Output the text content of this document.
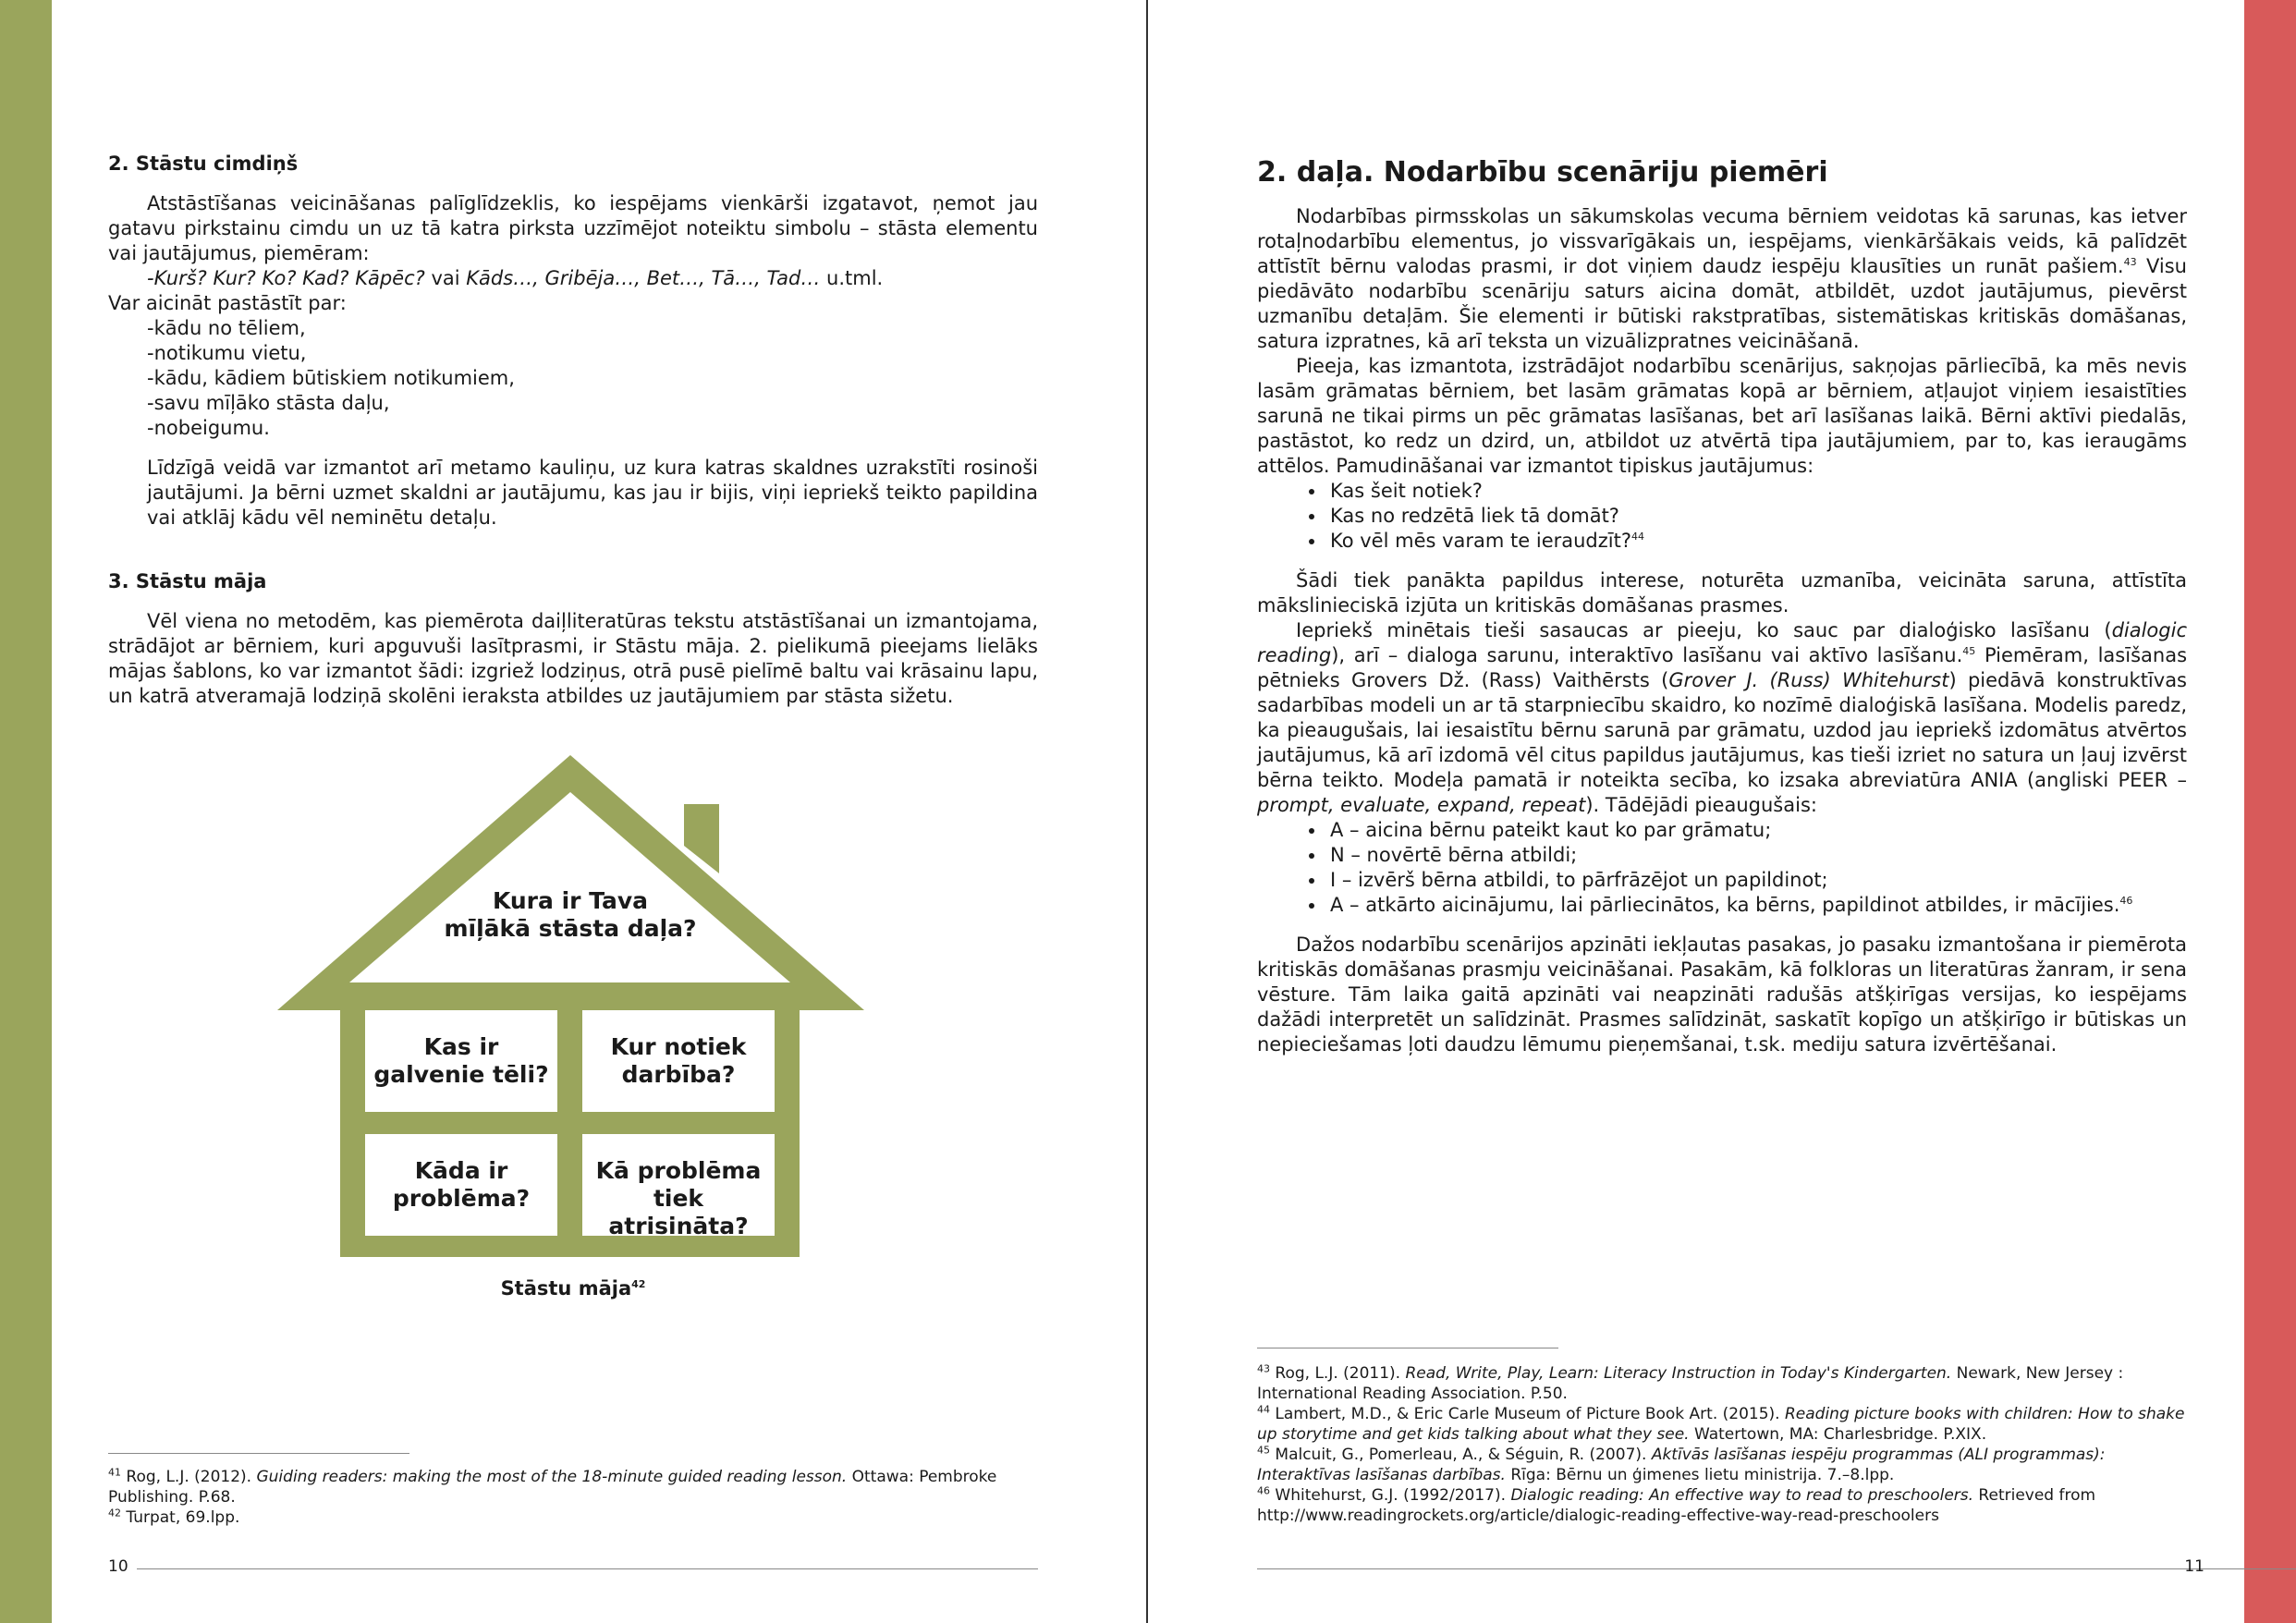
2. Stāstu cimdiņš

Atstāstīšanas veicināšanas palīglīdzeklis, ko iespējams vienkārši izgatavot, ņemot jau gatavu pirkstainu cimdu un uz tā katra pirksta uzzīmējot noteiktu simbolu – stāsta elementu vai jautājumus, piemēram:

-Kurš? Kur? Ko? Kad? Kāpēc? vai Kāds…, Gribēja…, Bet…, Tā…, Tad… u.tml.

Var aicināt pastāstīt par:

-kādu no tēliem,
-notikumu vietu,
-kādu, kādiem būtiskiem notikumiem,
-savu mīļāko stāsta daļu,
-nobeigumu.

Līdzīgā veidā var izmantot arī metamo kauliņu, uz kura katras skaldnes uzrakstīti rosinoši jautājumi. Ja bērni uzmet skaldni ar jautājumu, kas jau ir bijis, viņi iepriekš teikto papildina vai atklāj kādu vēl neminētu detaļu.

3. Stāstu māja

Vēl viena no metodēm, kas piemērota daiļliteratūras tekstu atstāstīšanai un izmantojama, strādājot ar bērniem, kuri apguvuši lasītprasmi, ir Stāstu māja. 2. pielikumā pieejams lielāks mājas šablons, ko var izmantot šādi: izgriež lodziņus, otrā pusē pielīmē baltu vai krāsainu lapu, un katrā atveramajā lodziņā skolēni ieraksta atbildes uz jautājumiem par stāsta sižetu.

Kura ir Tava
mīļākā stāsta daļa?
Kas ir
galvenie tēli?
Kur notiek
darbība?
Kāda ir
problēma?
Kā problēma
tiek atrisināta?
Stāstu māja$^{42}$

$^{41}$ Rog, L.J. (2012). Guiding readers: making the most of the 18-minute guided reading lesson. Ottawa: Pembroke Publishing. P.68.

$^{42}$ Turpat, 69.lpp.

10

2. daļa. Nodarbību scenāriju piemēri

Nodarbības pirmsskolas un sākumskolas vecuma bērniem veidotas kā sarunas, kas ietver rotaļnodarbību elementus, jo vissvarīgākais un, iespējams, vienkāršākais veids, kā palīdzēt attīstīt bērnu valodas prasmi, ir dot viņiem daudz iespēju klausīties un runāt pašiem.$^{43}$ Visu piedāvāto nodarbību scenāriju saturs aicina domāt, atbildēt, uzdot jautājumus, pievērst uzmanību detaļām. Šie elementi ir būtiski rakstpratības, sistemātiskas kritiskās domāšanas, satura izpratnes, kā arī teksta un vizuālizpratnes veicināšanā.

Pieeja, kas izmantota, izstrādājot nodarbību scenārijus, sakņojas pārliecībā, ka mēs nevis lasām grāmatas bērniem, bet lasām grāmatas kopā ar bērniem, atļaujot viņiem iesaistīties sarunā ne tikai pirms un pēc grāmatas lasīšanas, bet arī lasīšanas laikā. Bērni aktīvi piedalās, pastāstot, ko redz un dzird, un, atbildot uz atvērtā tipa jautājumiem, par to, kas ieraugāms attēlos. Pamudināšanai var izmantot tipiskus jautājumus:

• Kas šeit notiek?
• Kas no redzētā liek tā domāt?
• Ko vēl mēs varam te ieraudzīt?$^{44}$

Šādi tiek panākta papildus interese, noturēta uzmanība, veicināta saruna, attīstīta mākslinieciskā izjūta un kritiskās domāšanas prasmes.

Iepriekš minētais tieši sasaucas ar pieeju, ko sauc par dialoģisko lasīšanu (dialogic reading), arī – dialoga sarunu, interaktīvo lasīšanu vai aktīvo lasīšanu.$^{45}$ Piemēram, lasīšanas pētnieks Grovers Dž. (Rass) Vaithērsts (Grover J. (Russ) Whitehurst) piedāvā konstruktīvas sadarbības modeli un ar tā starpniecību skaidro, ko nozīmē dialoģiskā lasīšana. Modelis paredz, ka pieaugušais, lai iesaistītu bērnu sarunā par grāmatu, uzdod jau iepriekš izdomātus atvērtos jautājumus, kā arī izdomā vēl citus papildus jautājumus, kas tieši izriet no satura un ļauj izvērst bērna teikto. Modeļa pamatā ir noteikta secība, ko izsaka abreviatūra ANIA (angliski PEER – prompt, evaluate, expand, repeat). Tādējādi pieaugušais:

• A – aicina bērnu pateikt kaut ko par grāmatu;
• N – novērtē bērna atbildi;
• I – izvērš bērna atbildi, to pārfrāzējot un papildinot;
• A – atkārto aicinājumu, lai pārliecinātos, ka bērns, papildinot atbildes, ir mācījies.$^{46}$

Dažos nodarbību scenārijos apzināti iekļautas pasakas, jo pasaku izmantošana ir piemērota kritiskās domāšanas prasmju veicināšanai. Pasakām, kā folkloras un literatūras žanram, ir sena vēsture. Tām laika gaitā apzināti vai neapzināti radušās atšķirīgas versijas, ko iespējams dažādi interpretēt un salīdzināt. Prasmes salīdzināt, saskatīt kopīgo un atšķirīgo ir būtiskas un nepieciešamas ļoti daudzu lēmumu pieņemšanai, t.sk. mediju satura izvērtēšanai.

$^{43}$ Rog, L.J. (2011). Read, Write, Play, Learn: Literacy Instruction in Today's Kindergarten. Newark, New Jersey : International Reading Association. P.50.

$^{44}$ Lambert, M.D., & Eric Carle Museum of Picture Book Art. (2015). Reading picture books with children: How to shake up storytime and get kids talking about what they see. Watertown, MA: Charlesbridge. P.XIX.

$^{45}$ Malcuit, G., Pomerleau, A., & Séguin, R. (2007). Aktīvās lasīšanas iespēju programmas (ALI programmas): Interaktīvas lasīšanas darbības. Rīga: Bērnu un ģimenes lietu ministrija. 7.–8.lpp.

$^{46}$ Whitehurst, G.J. (1992/2017). Dialogic reading: An effective way to read to preschoolers. Retrieved from http://www.readingrockets.org/article/dialogic-reading-effective-way-read-preschoolers

11
